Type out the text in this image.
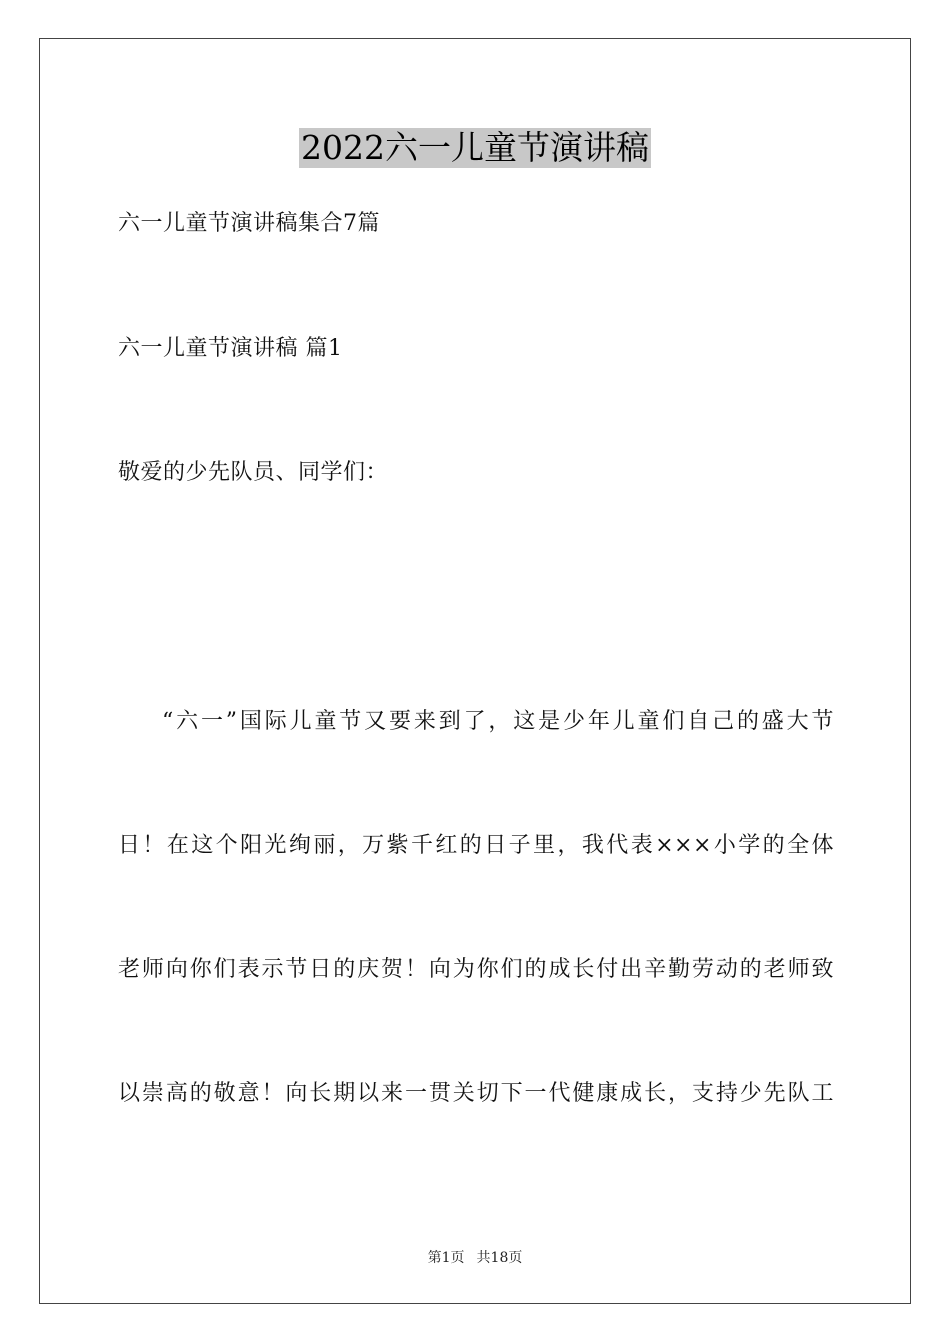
2022六一儿童节演讲稿
六一儿童节演讲稿集合7篇
六一儿童节演讲稿 篇1
敬爱的少先队员、同学们：
“六一”国际儿童节又要来到了，这是少年儿童们自己的盛大节
日！在这个阳光绚丽，万紫千红的日子里，我代表×××小学的全体
老师向你们表示节日的庆贺！向为你们的成长付出辛勤劳动的老师致
以崇高的敬意！向长期以来一贯关切下一代健康成长，支持少先队工
第1页 共18页
